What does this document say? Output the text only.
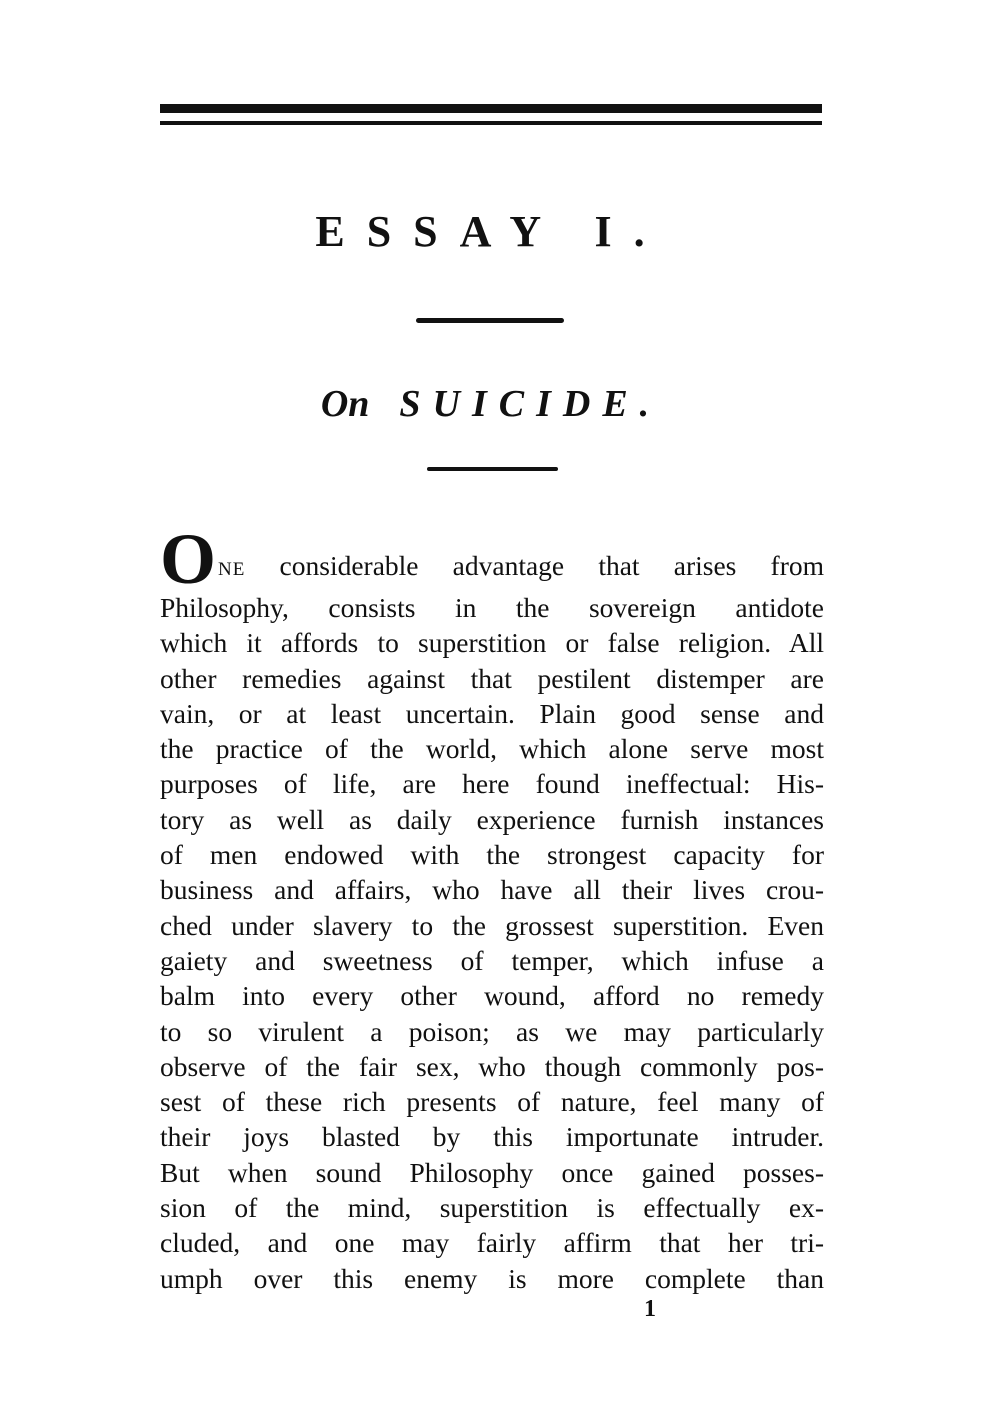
ESSAY I.
On SUICIDE.
O NE considerable advantage that arises from
Philosophy, consists in the sovereign antidote
which it affords to superstition or false religion. All
other remedies against that pestilent distemper are
vain, or at least uncertain. Plain good sense and
the practice of the world, which alone serve most
purposes of life, are here found ineffectual: His-
tory as well as daily experience furnish instances
of men endowed with the strongest capacity for
business and affairs, who have all their lives crou-
ched under slavery to the grossest superstition. Even
gaiety and sweetness of temper, which infuse a
balm into every other wound, afford no remedy
to so virulent a poison; as we may particularly
observe of the fair sex, who though commonly pos-
sest of these rich presents of nature, feel many of
their joys blasted by this importunate intruder.
But when sound Philosophy once gained posses-
sion of the mind, superstition is effectually ex-
cluded, and one may fairly affirm that her tri-
umph over this enemy is more complete than
1
